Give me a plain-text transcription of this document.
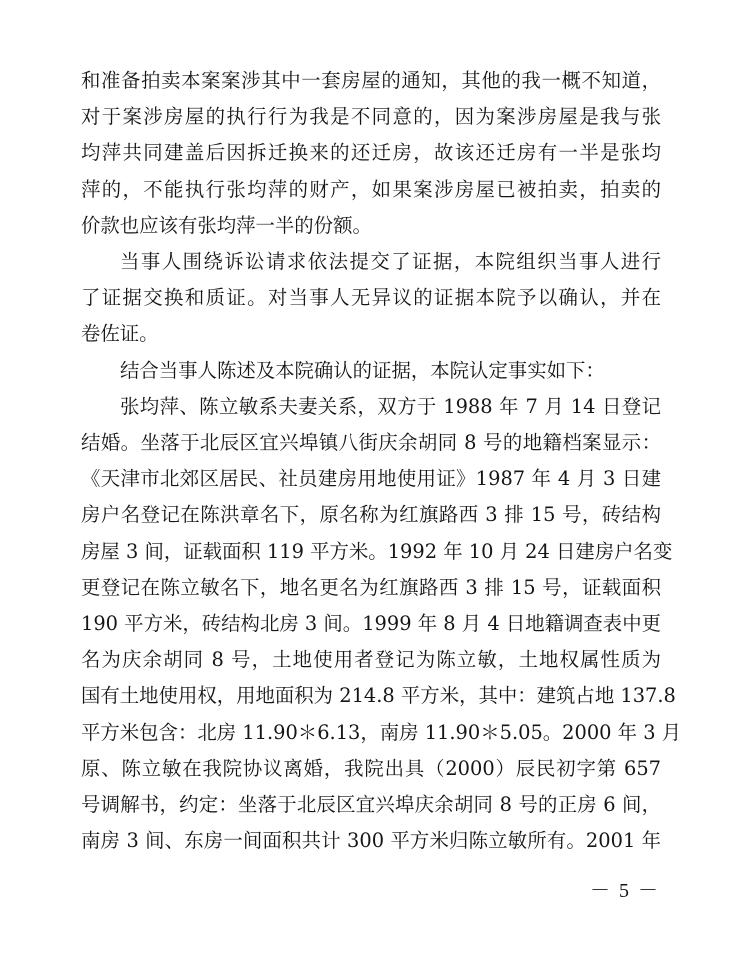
和准备拍卖本案案涉其中一套房屋的通知，其他的我一概不知道，
对于案涉房屋的执行行为我是不同意的，因为案涉房屋是我与张
均萍共同建盖后因拆迁换来的还迁房，故该还迁房有一半是张均
萍的，不能执行张均萍的财产，如果案涉房屋已被拍卖，拍卖的
价款也应该有张均萍一半的份额。
当事人围绕诉讼请求依法提交了证据，本院组织当事人进行
了证据交换和质证。对当事人无异议的证据本院予以确认，并在
卷佐证。
结合当事人陈述及本院确认的证据，本院认定事实如下：
张均萍、陈立敏系夫妻关系，双方于 1988 年 7 月 14 日登记
结婚。坐落于北辰区宜兴埠镇八街庆余胡同 8 号的地籍档案显示：
《天津市北郊区居民、社员建房用地使用证》1987 年 4 月 3 日建
房户名登记在陈洪章名下，原名称为红旗路西 3 排 15 号，砖结构
房屋 3 间，证载面积 119 平方米。1992 年 10 月 24 日建房户名变
更登记在陈立敏名下，地名更名为红旗路西 3 排 15 号，证载面积
190 平方米，砖结构北房 3 间。1999 年 8 月 4 日地籍调查表中更
名为庆余胡同 8 号，土地使用者登记为陈立敏，土地权属性质为
国有土地使用权，用地面积为 214.8 平方米，其中：建筑占地 137.8
平方米包含：北房 11.90＊6.13，南房 11.90＊5.05。2000 年 3 月
原、陈立敏在我院协议离婚，我院出具（2000）辰民初字第 657
号调解书，约定：坐落于北辰区宜兴埠庆余胡同 8 号的正房 6 间，
南房 3 间、东房一间面积共计 300 平方米归陈立敏所有。2001 年
－ 5 －
